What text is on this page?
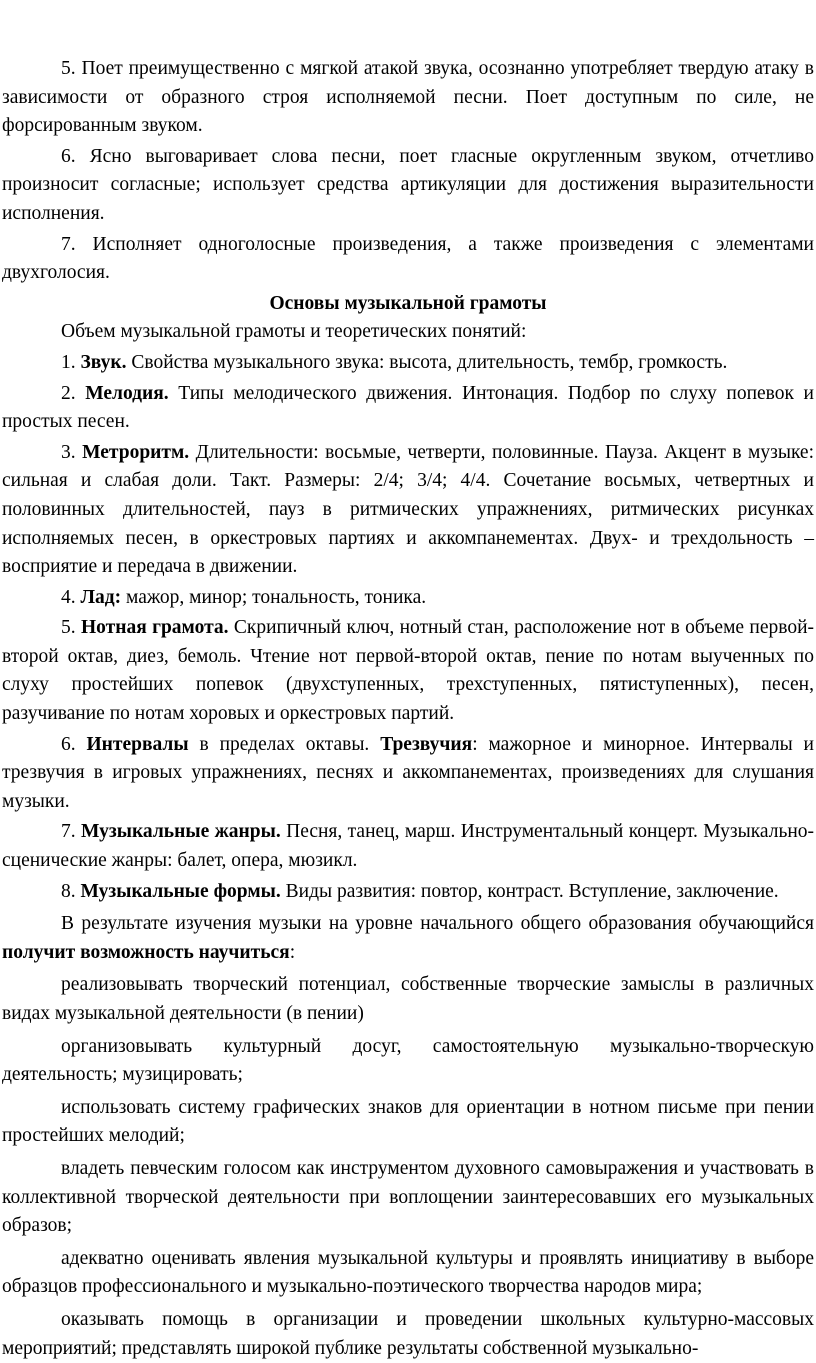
5. Поет преимущественно с мягкой атакой звука, осознанно употребляет твердую атаку в зависимости от образного строя исполняемой песни. Поет доступным по силе, не форсированным звуком.

6. Ясно выговаривает слова песни, поет гласные округленным звуком, отчетливо произносит согласные; использует средства артикуляции для достижения выразительности исполнения.

7. Исполняет одноголосные произведения, а также произведения с элементами двухголосия.

Основы музыкальной грамоты

Объем музыкальной грамоты и теоретических понятий:

1. Звук. Свойства музыкального звука: высота, длительность, тембр, громкость.

2. Мелодия. Типы мелодического движения. Интонация. Подбор по слуху попевок и простых песен.

3. Метроритм. Длительности: восьмые, четверти, половинные. Пауза. Акцент в музыке: сильная и слабая доли. Такт. Размеры: 2/4; 3/4; 4/4. Сочетание восьмых, четвертных и половинных длительностей, пауз в ритмических упражнениях, ритмических рисунках исполняемых песен, в оркестровых партиях и аккомпанементах. Двух- и трехдольность – восприятие и передача в движении.

4. Лад: мажор, минор; тональность, тоника.

5. Нотная грамота. Скрипичный ключ, нотный стан, расположение нот в объеме первой-второй октав, диез, бемоль. Чтение нот первой-второй октав, пение по нотам выученных по слуху простейших попевок (двухступенных, трехступенных, пятиступенных), песен, разучивание по нотам хоровых и оркестровых партий.

6. Интервалы в пределах октавы. Трезвучия: мажорное и минорное. Интервалы и трезвучия в игровых упражнениях, песнях и аккомпанементах, произведениях для слушания музыки.

7. Музыкальные жанры. Песня, танец, марш. Инструментальный концерт. Музыкально-сценические жанры: балет, опера, мюзикл.

8. Музыкальные формы. Виды развития: повтор, контраст. Вступление, заключение.

В результате изучения музыки на уровне начального общего образования обучающийся получит возможность научиться:

реализовывать творческий потенциал, собственные творческие замыслы в различных видах музыкальной деятельности (в пении)

организовывать культурный досуг, самостоятельную музыкально-творческую деятельность; музицировать;

использовать систему графических знаков для ориентации в нотном письме при пении простейших мелодий;

владеть певческим голосом как инструментом духовного самовыражения и участвовать в коллективной творческой деятельности при воплощении заинтересовавших его музыкальных образов;

адекватно оценивать явления музыкальной культуры и проявлять инициативу в выборе образцов профессионального и музыкально-поэтического творчества народов мира;

оказывать помощь в организации и проведении школьных культурно-массовых мероприятий; представлять широкой публике результаты собственной музыкально-
